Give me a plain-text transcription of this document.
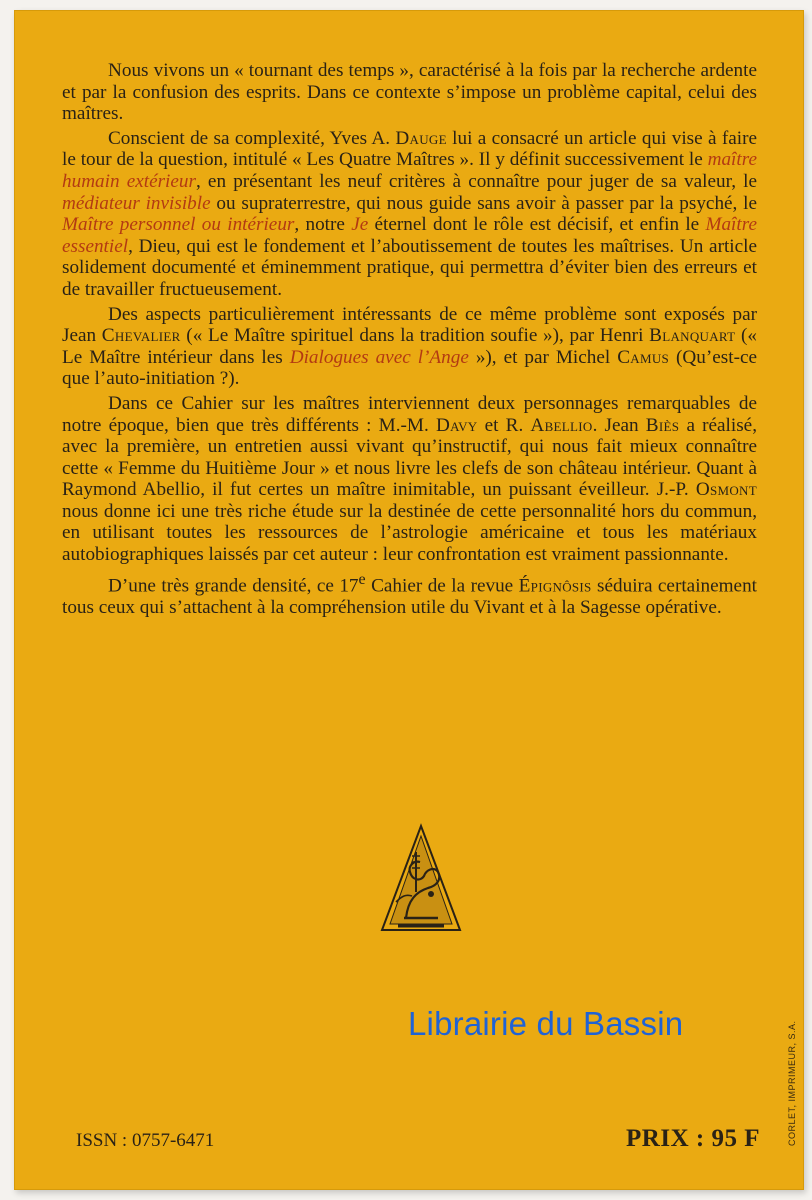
Nous vivons un « tournant des temps », caractérisé à la fois par la recherche ardente et par la confusion des esprits. Dans ce contexte s’impose un problème capital, celui des maîtres.

Conscient de sa complexité, Yves A. Dauge lui a consacré un article qui vise à faire le tour de la question, intitulé « Les Quatre Maîtres ». Il y définit successivement le maître humain extérieur, en présentant les neuf critères à connaître pour juger de sa valeur, le médiateur invisible ou supraterrestre, qui nous guide sans avoir à passer par la psyché, le Maître personnel ou intérieur, notre Je éternel dont le rôle est décisif, et enfin le Maître essentiel, Dieu, qui est le fondement et l’aboutissement de toutes les maîtrises. Un article solidement documenté et éminemment pratique, qui permettra d’éviter bien des erreurs et de travailler fructueusement.

Des aspects particulièrement intéressants de ce même problème sont exposés par Jean Chevalier (« Le Maître spirituel dans la tradition soufie »), par Henri Blanquart (« Le Maître intérieur dans les Dialogues avec l’Ange »), et par Michel Camus (Qu’est-ce que l’auto-initiation ?).

Dans ce Cahier sur les maîtres interviennent deux personnages remarquables de notre époque, bien que très différents : M.-M. Davy et R. Abellio. Jean Biès a réalisé, avec la première, un entretien aussi vivant qu’instructif, qui nous fait mieux connaître cette « Femme du Huitième Jour » et nous livre les clefs de son château intérieur. Quant à Raymond Abellio, il fut certes un maître inimitable, un puissant éveilleur. J.-P. Osmont nous donne ici une très riche étude sur la destinée de cette personnalité hors du commun, en utilisant toutes les ressources de l’astrologie américaine et tous les matériaux autobiographiques laissés par cet auteur : leur confrontation est vraiment passionnante.

D’une très grande densité, ce 17e Cahier de la revue Épignôsis séduira certainement tous ceux qui s’attachent à la compréhension utile du Vivant et à la Sagesse opérative.

Librairie du Bassin	CORLET, IMPRIMEUR, S.A.
ISSN : 0757-6471	PRIX : 95 F
